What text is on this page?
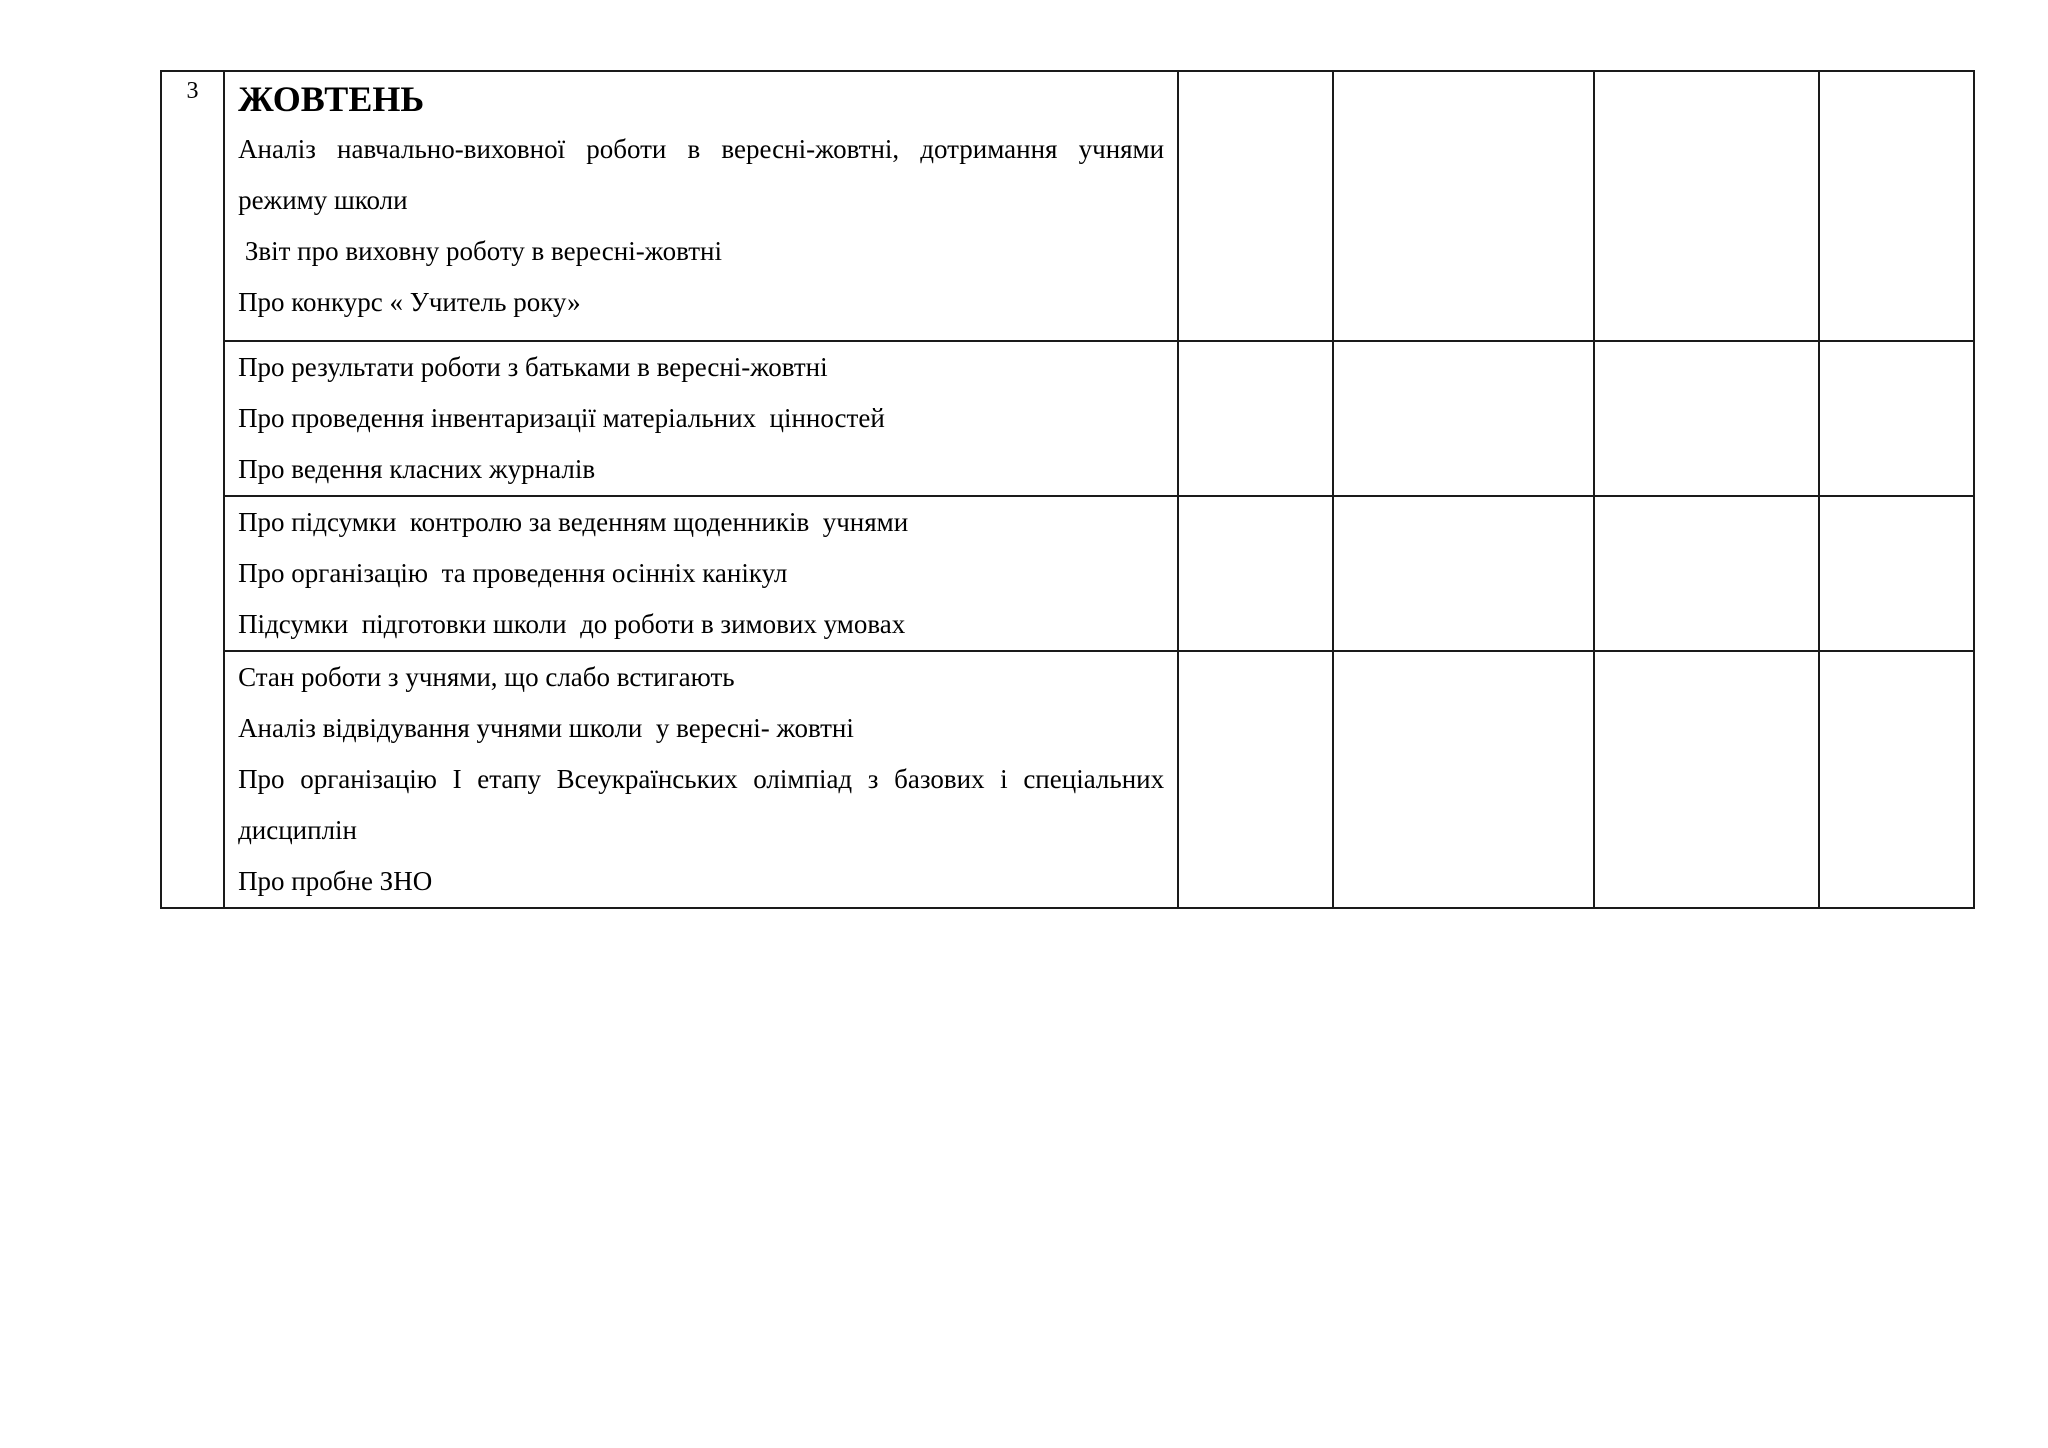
3	ЖОВТЕНЬ
Аналіз навчально-виховної роботи в вересні-жовтні, дотримання учнями
режиму школи
Звіт про виховну роботу в вересні-жовтні
Про конкурс « Учитель року»				

	Про результати роботи з батьками в вересні-жовтні
Про проведення інвентаризації матеріальних  цінностей
Про ведення класних журналів				

	Про підсумки  контролю за веденням щоденників  учнями
Про організацію  та проведення осінніх канікул
Підсумки  підготовки школи  до роботи в зимових умовах				

	Стан роботи з учнями, що слабо встигають
Аналіз відвідування учнями школи  у вересні- жовтні
Про організацію І етапу Всеукраїнських олімпіад з базових і спеціальних
дисциплін
Про пробне ЗНО				
